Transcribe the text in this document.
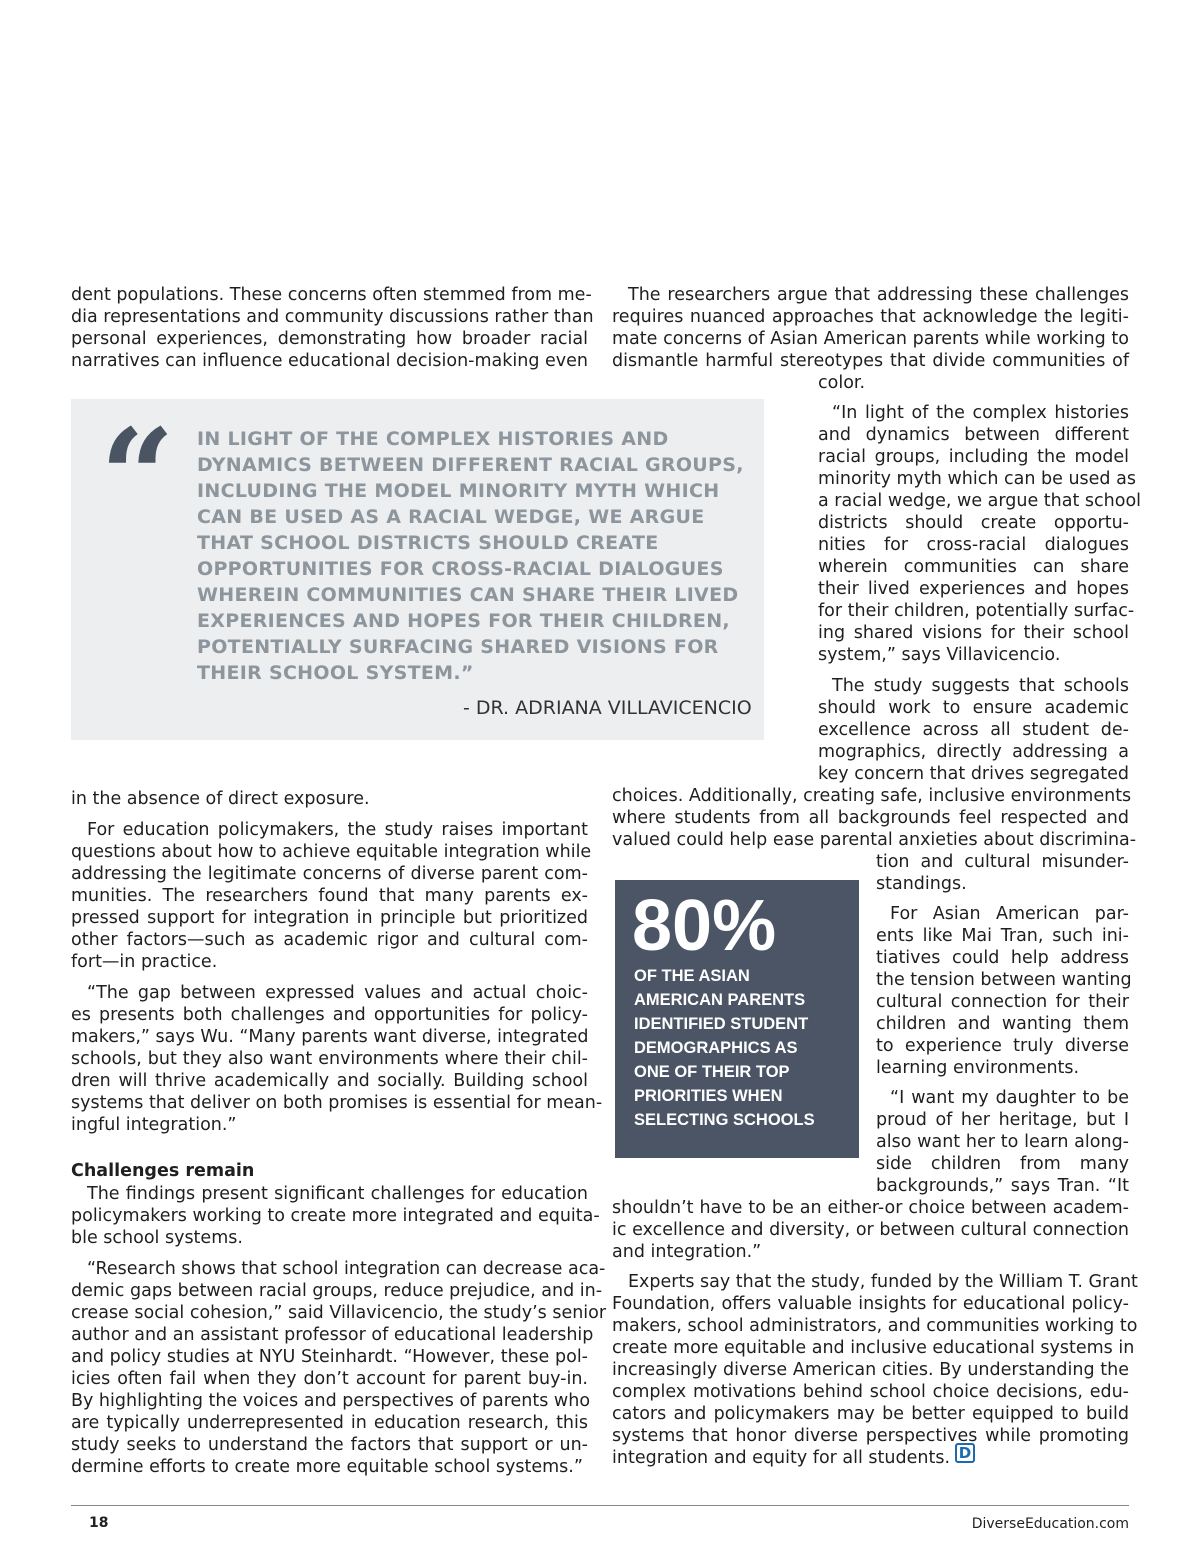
dent populations. These concerns often stemmed from me-
dia representations and community discussions rather than
personal experiences, demonstrating how broader racial
narratives can influence educational decision-making even
in the absence of direct exposure.
For education policymakers, the study raises important
questions about how to achieve equitable integration while
addressing the legitimate concerns of diverse parent com-
munities. The researchers found that many parents ex-
pressed support for integration in principle but prioritized
other factors—such as academic rigor and cultural com-
fort—in practice.
“The gap between expressed values and actual choic-
es presents both challenges and opportunities for policy-
makers,” says Wu. “Many parents want diverse, integrated
schools, but they also want environments where their chil-
dren will thrive academically and socially. Building school
systems that deliver on both promises is essential for mean-
ingful integration.”
Challenges remain
The findings present significant challenges for education
policymakers working to create more integrated and equita-
ble school systems.
“Research shows that school integration can decrease aca-
demic gaps between racial groups, reduce prejudice, and in-
crease social cohesion,” said Villavicencio, the study’s senior
author and an assistant professor of educational leadership
and policy studies at NYU Steinhardt. “However, these pol-
icies often fail when they don’t account for parent buy-in.
By highlighting the voices and perspectives of parents who
are typically underrepresented in education research, this
study seeks to understand the factors that support or un-
dermine efforts to create more equitable school systems.”
“ IN LIGHT OF THE COMPLEX HISTORIES AND
DYNAMICS BETWEEN DIFFERENT RACIAL GROUPS,
INCLUDING THE MODEL MINORITY MYTH WHICH
CAN BE USED AS A RACIAL WEDGE, WE ARGUE
THAT SCHOOL DISTRICTS SHOULD CREATE
OPPORTUNITIES FOR CROSS-RACIAL DIALOGUES
WHEREIN COMMUNITIES CAN SHARE THEIR LIVED
EXPERIENCES AND HOPES FOR THEIR CHILDREN,
POTENTIALLY SURFACING SHARED VISIONS FOR
THEIR SCHOOL SYSTEM.”
- DR. ADRIANA VILLAVICENCIO
The researchers argue that addressing these challenges
requires nuanced approaches that acknowledge the legiti-
mate concerns of Asian American parents while working to
dismantle harmful stereotypes that divide communities of
color.
“In light of the complex histories
and dynamics between different
racial groups, including the model
minority myth which can be used as
a racial wedge, we argue that school
districts should create opportu-
nities for cross-racial dialogues
wherein communities can share
their lived experiences and hopes
for their children, potentially surfac-
ing shared visions for their school
system,” says Villavicencio.
The study suggests that schools
should work to ensure academic
excellence across all student de-
mographics, directly addressing a
key concern that drives segregated
choices. Additionally, creating safe, inclusive environments
where students from all backgrounds feel respected and
valued could help ease parental anxieties about discrimina-
tion and cultural misunder-
standings.
80%
OF THE ASIAN
AMERICAN PARENTS
IDENTIFIED STUDENT
DEMOGRAPHICS AS
ONE OF THEIR TOP
PRIORITIES WHEN
SELECTING SCHOOLS
For Asian American par-
ents like Mai Tran, such ini-
tiatives could help address
the tension between wanting
cultural connection for their
children and wanting them
to experience truly diverse
learning environments.
“I want my daughter to be
proud of her heritage, but I
also want her to learn along-
side children from many
backgrounds,” says Tran. “It
shouldn’t have to be an either-or choice between academ-
ic excellence and diversity, or between cultural connection
and integration.”
Experts say that the study, funded by the William T. Grant
Foundation, offers valuable insights for educational policy-
makers, school administrators, and communities working to
create more equitable and inclusive educational systems in
increasingly diverse American cities. By understanding the
complex motivations behind school choice decisions, edu-
cators and policymakers may be better equipped to build
systems that honor diverse perspectives while promoting
integration and equity for all students. D
18	DiverseEducation.com
